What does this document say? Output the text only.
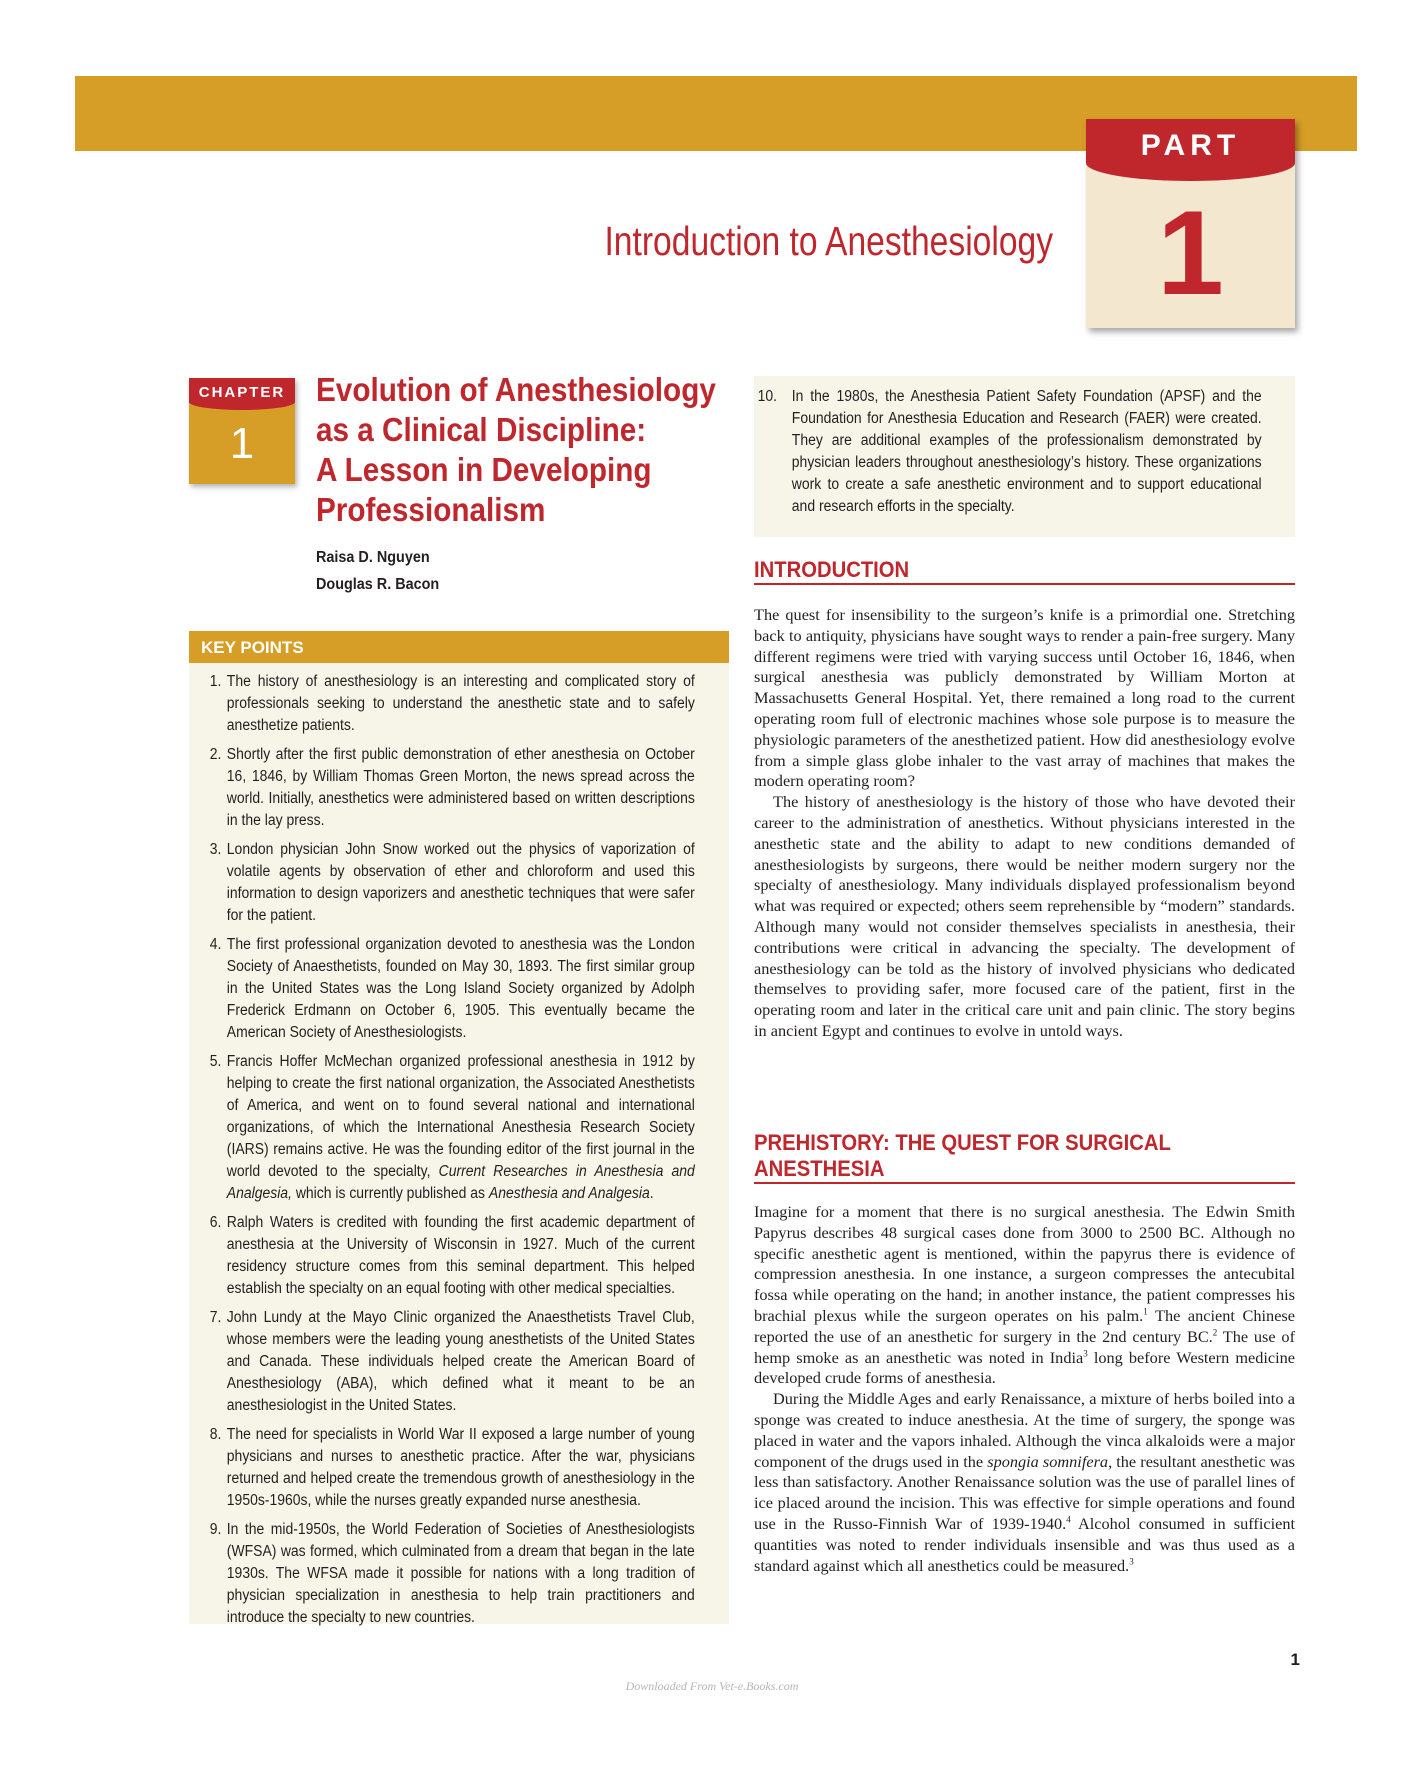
PART
1
Introduction to Anesthesiology
CHAPTER
1
Evolution of Anesthesiology
as a Clinical Discipline:
A Lesson in Developing
Professionalism
Raisa D. Nguyen
Douglas R. Bacon
KEY POINTS
1. The history of anesthesiology is an interesting and complicated story of professionals seeking to understand the anesthetic state and to safely anesthetize patients.
2. Shortly after the first public demonstration of ether anesthesia on October 16, 1846, by William Thomas Green Morton, the news spread across the world. Initially, anesthetics were administered based on written descriptions in the lay press.
3. London physician John Snow worked out the physics of vaporization of volatile agents by observation of ether and chloroform and used this information to design vaporizers and anesthetic techniques that were safer for the patient.
4. The first professional organization devoted to anesthesia was the London Society of Anaesthetists, founded on May 30, 1893. The first similar group in the United States was the Long Island Society organized by Adolph Frederick Erdmann on October 6, 1905. This eventually became the American Society of Anesthesiologists.
5. Francis Hoffer McMechan organized professional anesthesia in 1912 by helping to create the first national organization, the Associated Anesthetists of America, and went on to found several national and international organizations, of which the International Anesthesia Research Society (IARS) remains active. He was the founding editor of the first journal in the world devoted to the specialty, Current Researches in Anesthesia and Analgesia, which is currently published as Anesthesia and Analgesia.
6. Ralph Waters is credited with founding the first academic department of anesthesia at the University of Wisconsin in 1927. Much of the current residency structure comes from this seminal department. This helped establish the specialty on an equal footing with other medical specialties.
7. John Lundy at the Mayo Clinic organized the Anaesthetists Travel Club, whose members were the leading young anesthetists of the United States and Canada. These individuals helped create the American Board of Anesthesiology (ABA), which defined what it meant to be an anesthesiologist in the United States.
8. The need for specialists in World War II exposed a large number of young physicians and nurses to anesthetic practice. After the war, physicians returned and helped create the tremendous growth of anesthesiology in the 1950s-1960s, while the nurses greatly expanded nurse anesthesia.
9. In the mid-1950s, the World Federation of Societies of Anesthesiologists (WFSA) was formed, which culminated from a dream that began in the late 1930s. The WFSA made it possible for nations with a long tradition of physician specialization in anesthesia to help train practitioners and introduce the specialty to new countries.
10. In the 1980s, the Anesthesia Patient Safety Foundation (APSF) and the Foundation for Anesthesia Education and Research (FAER) were created. They are additional examples of the professionalism demonstrated by physician leaders throughout anesthesiology’s history. These organizations work to create a safe anesthetic environment and to support educational and research efforts in the specialty.
INTRODUCTION

The quest for insensibility to the surgeon’s knife is a primordial one. Stretching back to antiquity, physicians have sought ways to render a pain-free surgery. Many different regimens were tried with varying success until October 16, 1846, when surgical anesthesia was publicly demonstrated by William Morton at Massachusetts General Hospital. Yet, there remained a long road to the current operating room full of electronic machines whose sole purpose is to measure the physiologic parameters of the anesthetized patient. How did anesthesiology evolve from a simple glass globe inhaler to the vast array of machines that makes the modern operating room?

The history of anesthesiology is the history of those who have devoted their career to the administration of anesthetics. Without physicians interested in the anesthetic state and the ability to adapt to new conditions demanded of anesthesiologists by surgeons, there would be neither modern surgery nor the specialty of anesthesiology. Many individuals displayed professionalism beyond what was required or expected; others seem reprehensible by “modern” standards. Although many would not consider themselves specialists in anesthesia, their contributions were critical in advancing the specialty. The development of anesthesiology can be told as the history of involved physicians who dedicated themselves to providing safer, more focused care of the patient, first in the operating room and later in the critical care unit and pain clinic. The story begins in ancient Egypt and continues to evolve in untold ways.

PREHISTORY: THE QUEST FOR SURGICAL
ANESTHESIA

Imagine for a moment that there is no surgical anesthesia. The Edwin Smith Papyrus describes 48 surgical cases done from 3000 to 2500 BC. Although no specific anesthetic agent is mentioned, within the papyrus there is evidence of compression anesthesia. In one instance, a surgeon compresses the antecubital fossa while operating on the hand; in another instance, the patient compresses his brachial plexus while the surgeon operates on his palm.$^1$ The ancient Chinese reported the use of an anesthetic for surgery in the 2nd century BC.$^2$ The use of hemp smoke as an anesthetic was noted in India$^3$ long before Western medicine developed crude forms of anesthesia.

During the Middle Ages and early Renaissance, a mixture of herbs boiled into a sponge was created to induce anesthesia. At the time of surgery, the sponge was placed in water and the vapors inhaled. Although the vinca alkaloids were a major component of the drugs used in the spongia somnifera, the resultant anesthetic was less than satisfactory. Another Renaissance solution was the use of parallel lines of ice placed around the incision. This was effective for simple operations and found use in the Russo-Finnish War of 1939-1940.$^4$ Alcohol consumed in sufficient quantities was noted to render individuals insensible and was thus used as a standard against which all anesthetics could be measured.$^3$

1
Downloaded From Vet-e.Books.com
